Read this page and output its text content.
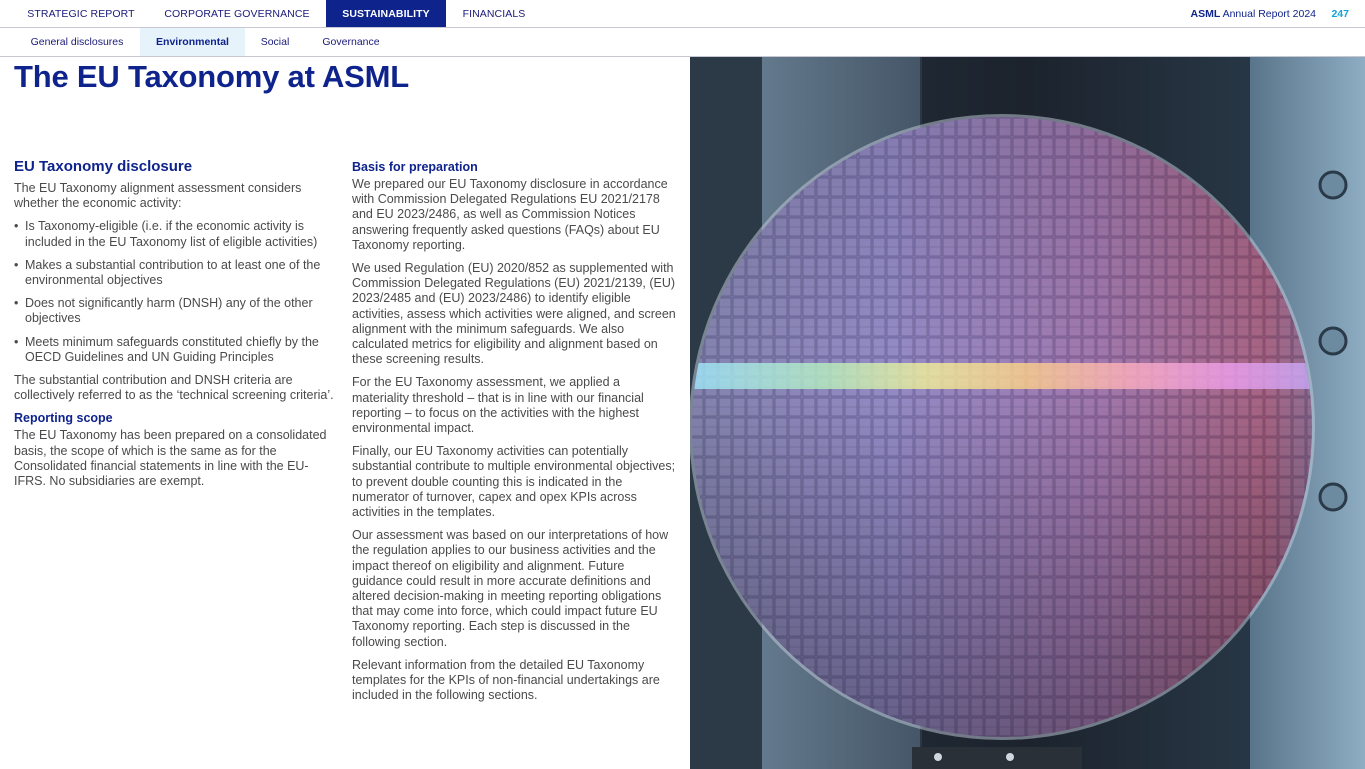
STRATEGIC REPORT	CORPORATE GOVERNANCE	SUSTAINABILITY	FINANCIALS	ASML Annual Report 2024 247
General disclosures	Environmental	Social	Governance
The EU Taxonomy at ASML
EU Taxonomy disclosure

The EU Taxonomy alignment assessment considers whether the economic activity:

• Is Taxonomy-eligible (i.e. if the economic activity is included in the EU Taxonomy list of eligible activities)
• Makes a substantial contribution to at least one of the environmental objectives
• Does not significantly harm (DNSH) any of the other objectives
• Meets minimum safeguards constituted chiefly by the OECD Guidelines and UN Guiding Principles

The substantial contribution and DNSH criteria are collectively referred to as the ‘technical screening criteria’.

Reporting scope

The EU Taxonomy has been prepared on a consolidated basis, the scope of which is the same as for the Consolidated financial statements in line with the EU-IFRS. No subsidiaries are exempt.

Basis for preparation

We prepared our EU Taxonomy disclosure in accordance with Commission Delegated Regulations EU 2021/2178 and EU 2023/2486, as well as Commission Notices answering frequently asked questions (FAQs) about EU Taxonomy reporting.

We used Regulation (EU) 2020/852 as supplemented with Commission Delegated Regulations (EU) 2021/2139, (EU) 2023/2485 and (EU) 2023/2486) to identify eligible activities, assess which activities were aligned, and screen alignment with the minimum safeguards. We also calculated metrics for eligibility and alignment based on these screening results.

For the EU Taxonomy assessment, we applied a materiality threshold – that is in line with our financial reporting – to focus on the activities with the highest environmental impact.

Finally, our EU Taxonomy activities can potentially substantial contribute to multiple environmental objectives; to prevent double counting this is indicated in the numerator of turnover, capex and opex KPIs across activities in the templates.

Our assessment was based on our interpretations of how the regulation applies to our business activities and the impact thereof on eligibility and alignment. Future guidance could result in more accurate definitions and altered decision-making in meeting reporting obligations that may come into force, which could impact future EU Taxonomy reporting. Each step is discussed in the following section.

Relevant information from the detailed EU Taxonomy templates for the KPIs of non-financial undertakings are included in the following sections.
